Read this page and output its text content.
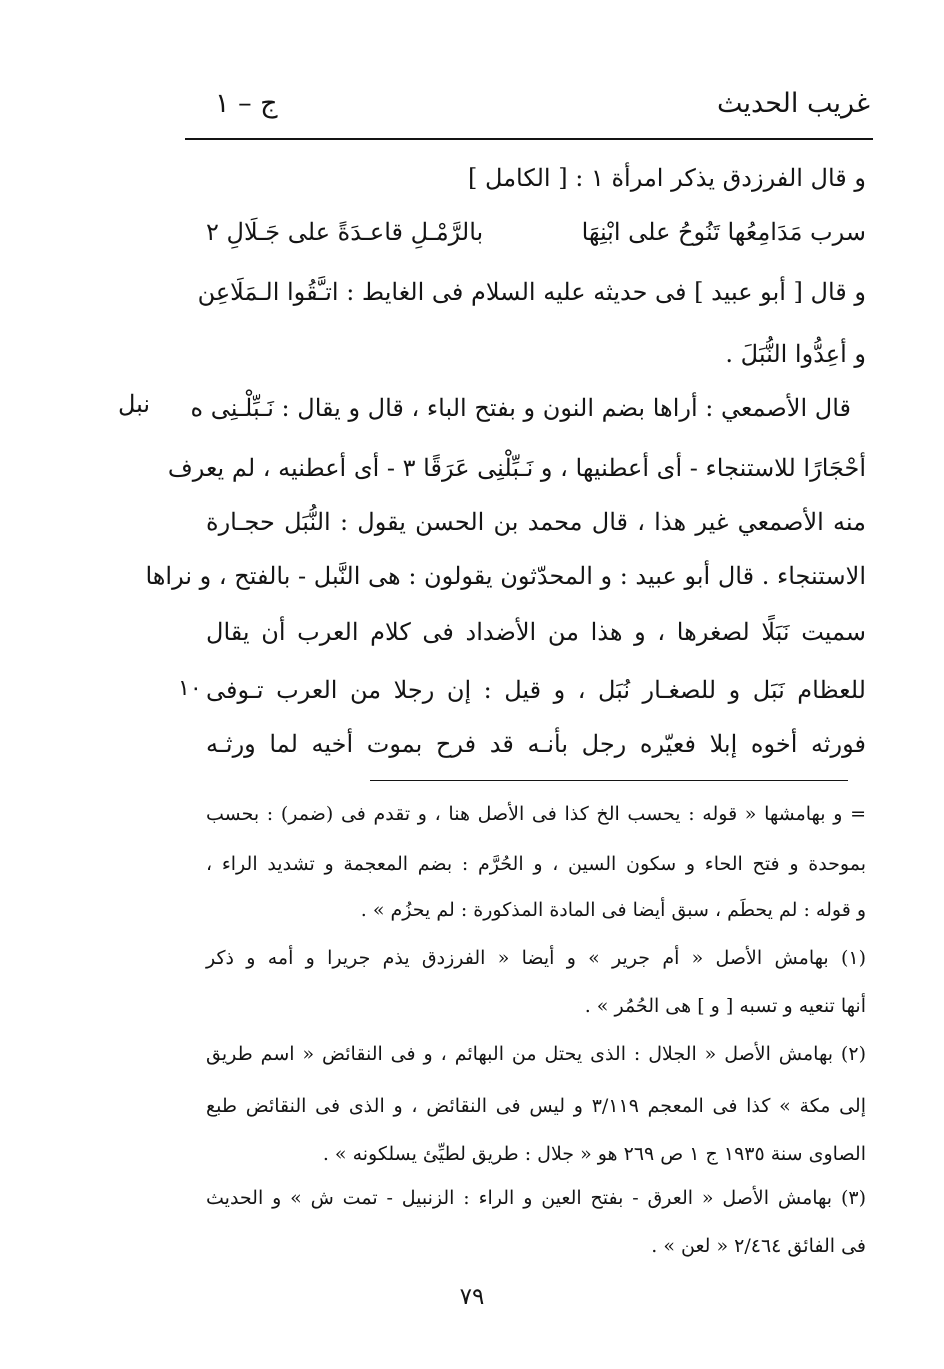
غريب الحديث
ج – ١
و قال الفرزدق يذكر امرأة ١ : [ الكامل ]
سرب مَدَامِعُها تَنُوحُ على ابْنِهَا
بالرَّمْـلِ قاعـدَةً على جَـلَالِ ٢
و قال [ أبو عبيد ] فى حديثه عليه السلام فى الغايط : اتـَّقُوا الـمَلَاعِن
و أعِدُّوا النُّبَلَ .
قال الأصمعي : أراها بضم النون و بفتح الباء ، قال و يقال : نَـبِّلْـنِى ه
نبل
أحْجَارًا للاستنجاء - أى أعطنيها ، و نَـبِّلْنِى عَرَقًا ٣ - أى أعطنيه ، لم يعرف
منه الأصمعي غير هذا ، قال محمد بن الحسن يقول : النُّبَل حجـارة
الاستنجاء . قال أبو عبيد : و المحدّثون يقولون : هى النَّبل - بالفتح ، و نراها
سميت نَبَلًا لصغرها ، و هذا من الأضداد فى كلام العرب أن يقال
للعظام نَبَل و للصغـار نُبَل ، و قيل : إن رجلا من العرب تـوفى
فورثه أخوه إبلا فعيّره رجل بأنـه قد فرح بموت أخيه لما ورثـه
١٠
= و بهامشها « قوله : يحسب الخ كذا فى الأصل هنا ، و تقدم فى (ضمر) : بحسب
بموحدة و فتح الحاء و سكون السين ، و الحُرَّم : بضم المعجمة و تشديد الراء ،
و قوله : لم يحطَم ، سبق أيضا فى المادة المذكورة : لم يحزُم » .
(١) بهامش الأصل « أم جرير » و أيضا « الفرزدق يذم جريرا و أمه و ذكر
أنها تنعيه و تسبه [ و ] هى الحُمُر » .
(٢) بهامش الأصل « الجلال : الذى يحتل من البهائم ، و فى النقائض « اسم طريق
إلى مكة » كذا فى المعجم ٣/١١٩ و ليس فى النقائض ، و الذى فى النقائض طبع
الصاوى سنة ١٩٣٥ ج ١ ص ٢٦٩ هو « جلال : طريق لطيِّئ يسلكونه » .
(٣) بهامش الأصل « العرق - بفتح العين و الراء : الزنبيل - تمت ش » و الحديث
فى الفائق ٢/٤٦٤ « لعن » .
٧٩
